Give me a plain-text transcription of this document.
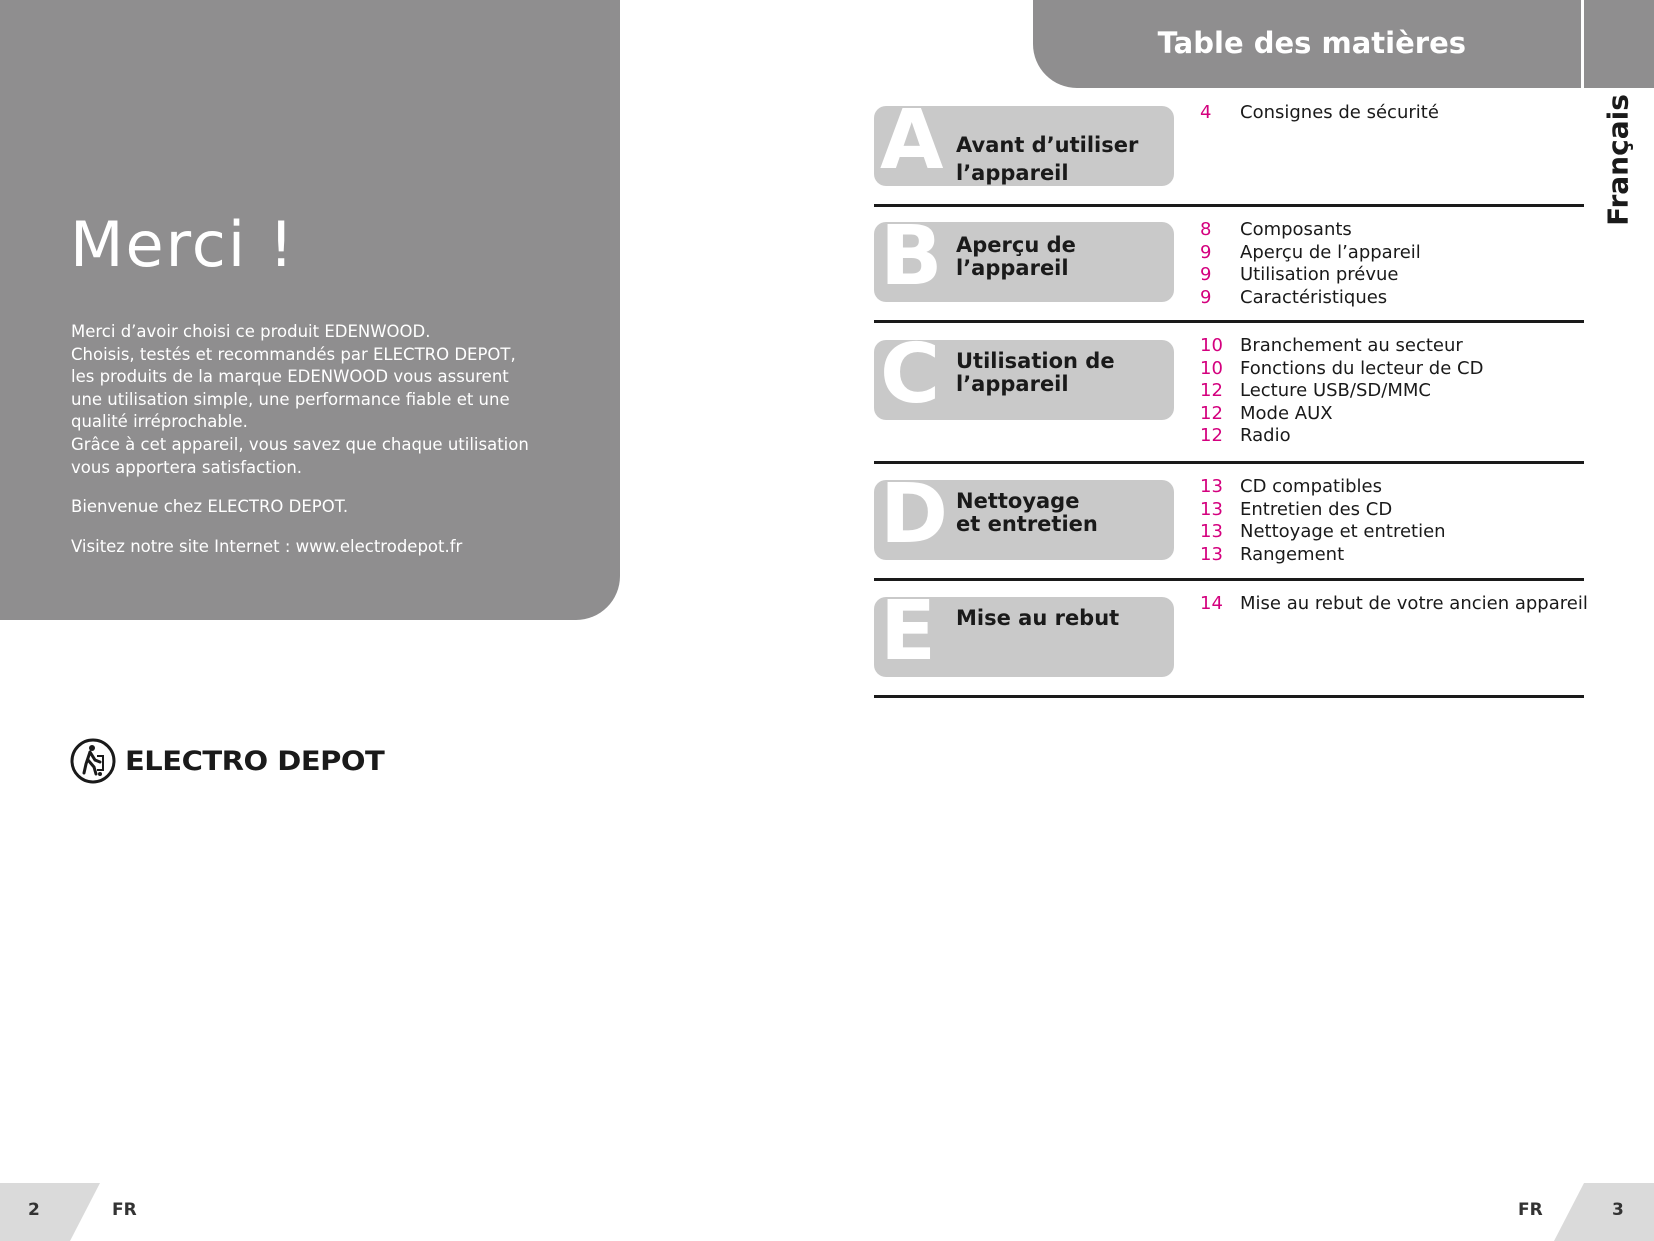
Merci !

Merci d’avoir choisi ce produit EDENWOOD.
Choisis, testés et recommandés par ELECTRO DEPOT,
les produits de la marque EDENWOOD vous assurent
une utilisation simple, une performance fiable et une
qualité irréprochable.
Grâce à cet appareil, vous savez que chaque utilisation
vous apportera satisfaction.

Bienvenue chez ELECTRO DEPOT.

Visitez notre site Internet : www.electrodepot.fr

ELECTRO DEPOT
2	FR
Table des matières
Français
A Avant d’utiliser l’appareil
4	Consignes de sécurité
B Aperçu de l’appareil
8	Composants
9	Aperçu de l’appareil
9	Utilisation prévue
9	Caractéristiques
C Utilisation de l’appareil
10 Branchement au secteur
10 Fonctions du lecteur de CD
12 Lecture USB/SD/MMC
12 Mode AUX
12 Radio
D Nettoyage et entretien
13 CD compatibles
13 Entretien des CD
13 Nettoyage et entretien
13 Rangement
E Mise au rebut
14 Mise au rebut de votre ancien appareil
FR	3
